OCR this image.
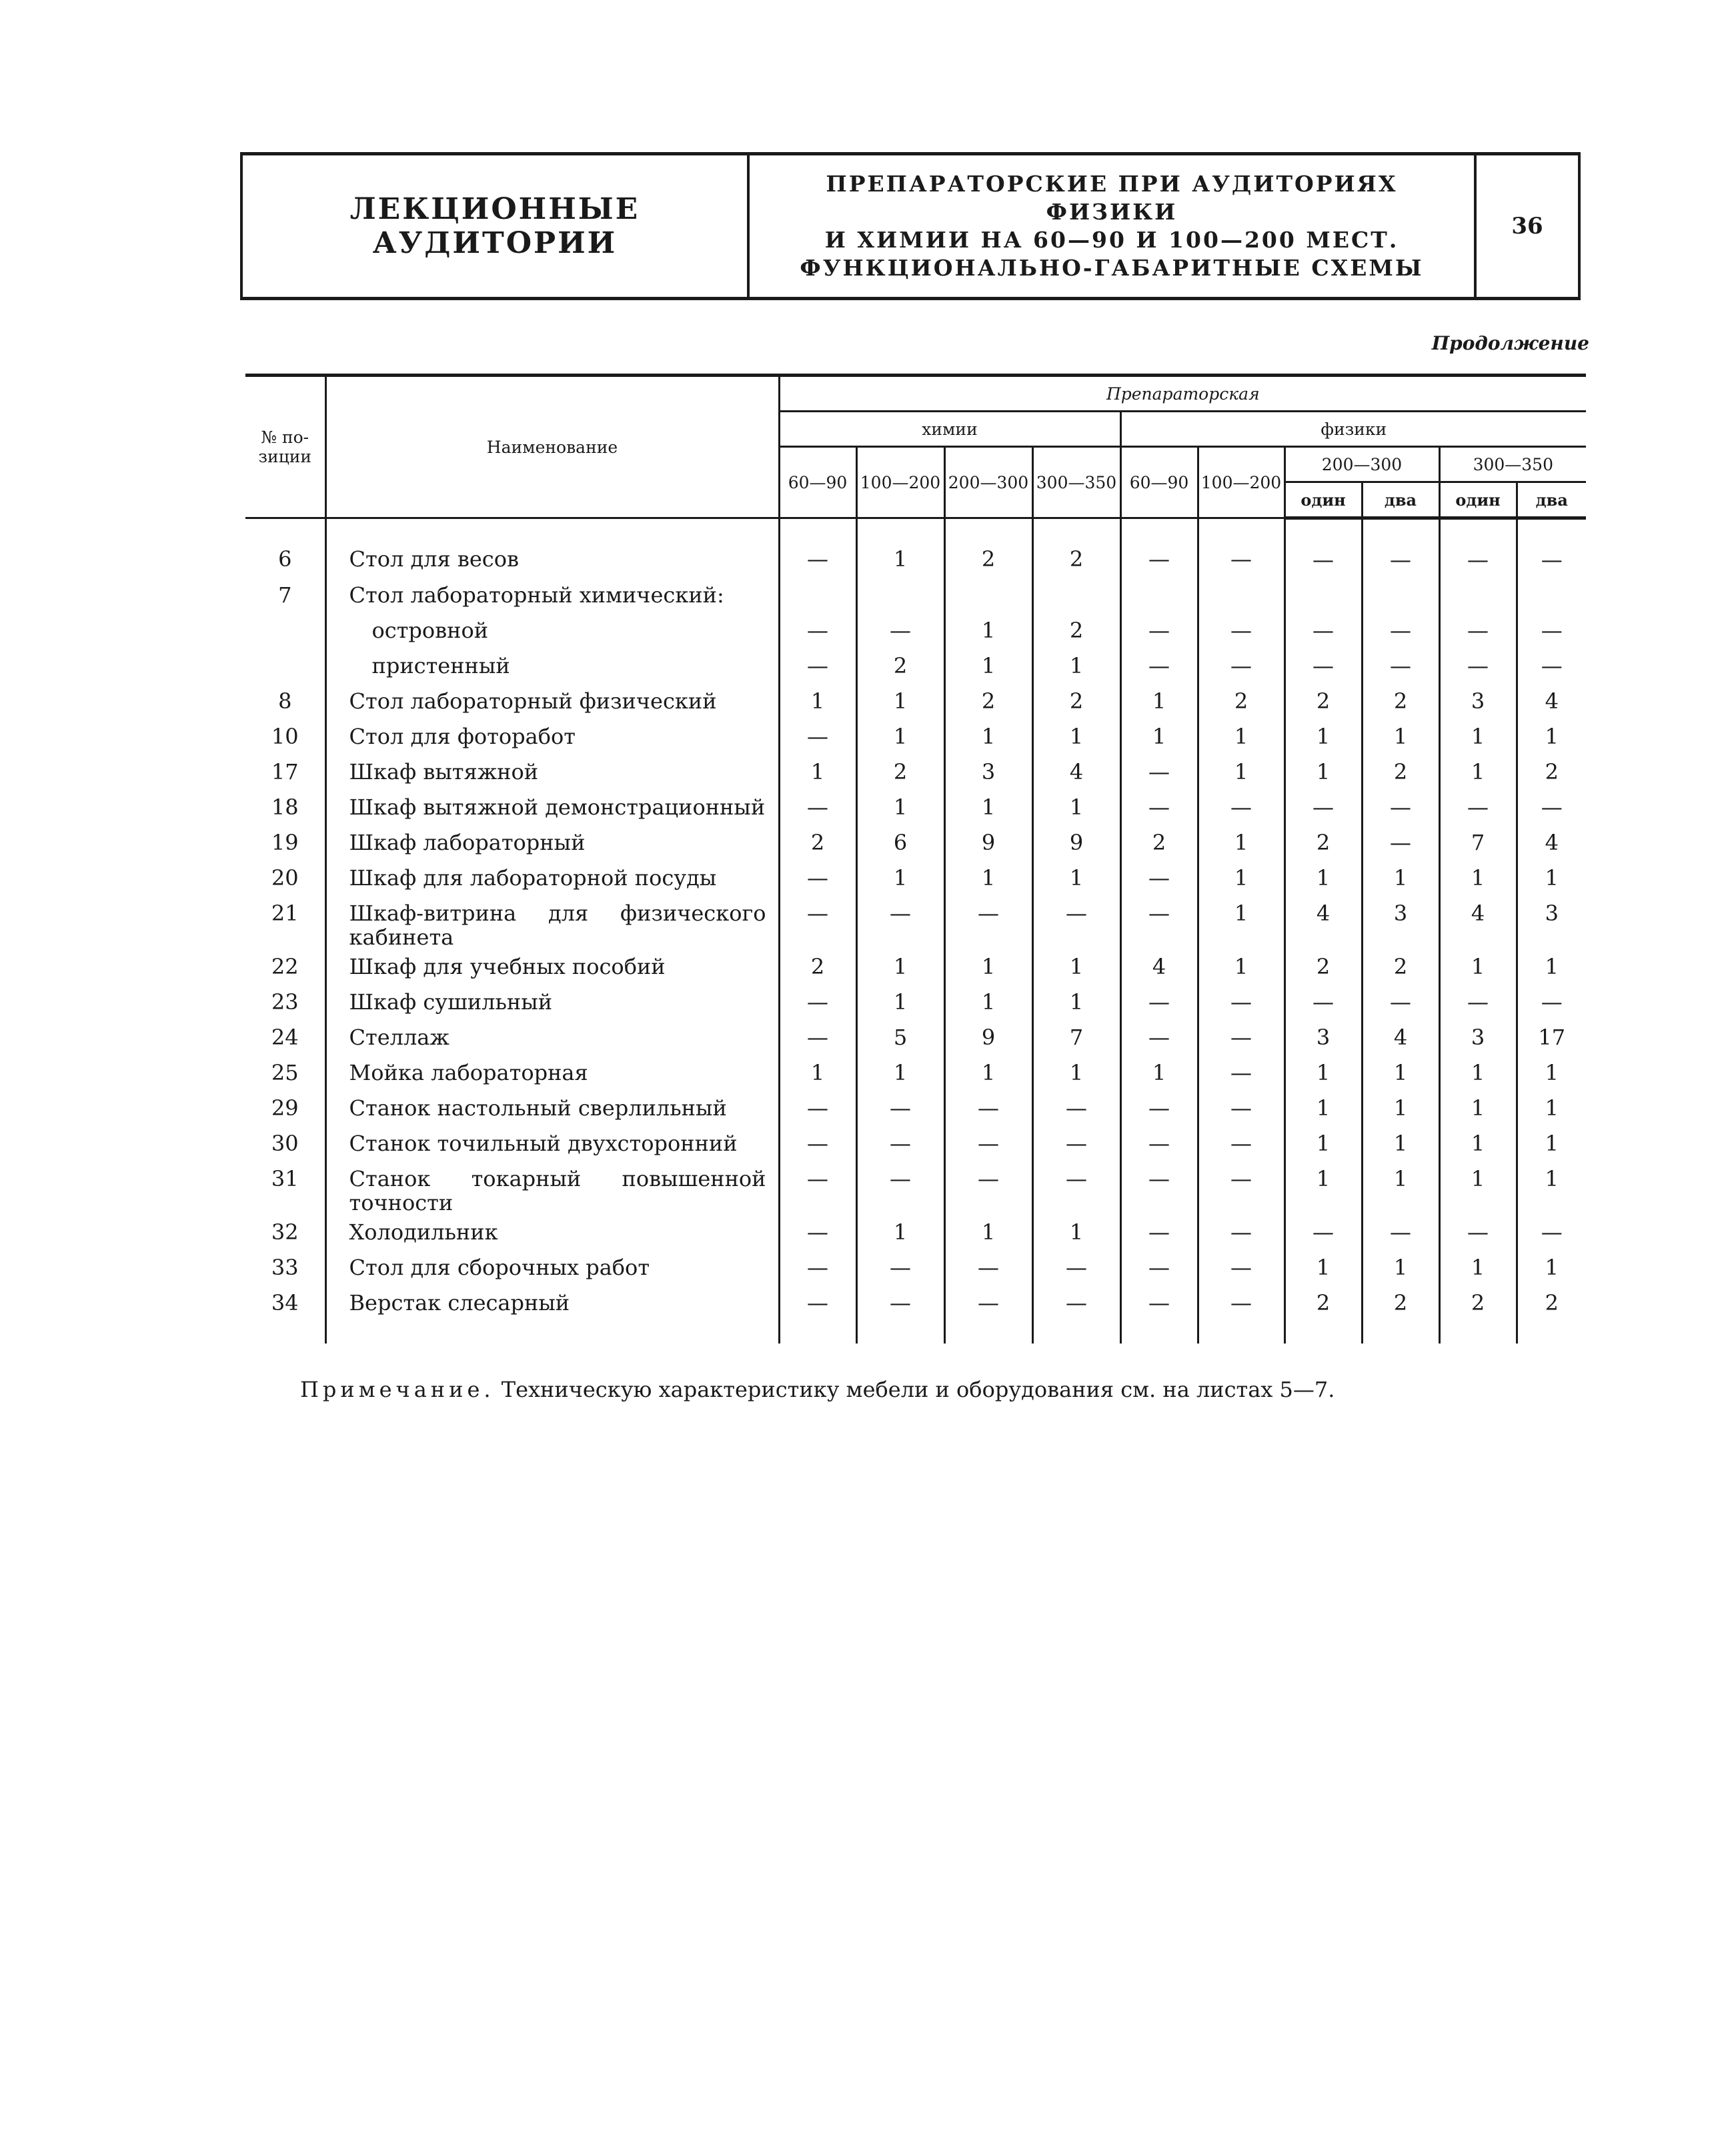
ЛЕКЦИОННЫЕ АУДИТОРИИ
ПРЕПАРАТОРСКИЕ ПРИ АУДИТОРИЯХ ФИЗИКИ
И ХИМИИ НА 60—90 И 100—200 МЕСТ.
ФУНКЦИОНАЛЬНО-ГАБАРИТНЫЕ СХЕМЫ
36
Продолжение
№ по-
зиции	Наименование	Препараторская									
		химии				физики					
		60—90	100—200	200—300	300—350	60—90	100—200	200—300		300—350	
								один	два	один	два
6	Стол для весов	—	1	2	2	—	—	—	—	—	—
7	Стол лабораторный химический:										
	островной	—	—	1	2	—	—	—	—	—	—
	пристенный	—	2	1	1	—	—	—	—	—	—
8	Стол лабораторный физический	1	1	2	2	1	2	2	2	3	4
10	Стол для фоторабот	—	1	1	1	1	1	1	1	1	1
17	Шкаф вытяжной	1	2	3	4	—	1	1	2	1	2
18	Шкаф вытяжной демонстрационный	—	1	1	1	—	—	—	—	—	—
19	Шкаф лабораторный	2	6	9	9	2	1	2	—	7	4
20	Шкаф для лабораторной посуды	—	1	1	1	—	1	1	1	1	1
21	Шкаф-витрина для физического кабинета	—	—	—	—	—	1	4	3	4	3
22	Шкаф для учебных пособий	2	1	1	1	4	1	2	2	1	1
23	Шкаф сушильный	—	1	1	1	—	—	—	—	—	—
24	Стеллаж	—	5	9	7	—	—	3	4	3	17
25	Мойка лабораторная	1	1	1	1	1	—	1	1	1	1
29	Станок настольный сверлильный	—	—	—	—	—	—	1	1	1	1
30	Станок точильный двухсторонний	—	—	—	—	—	—	1	1	1	1
31	Станок токарный повышенной точности	—	—	—	—	—	—	1	1	1	1
32	Холодильник	—	1	1	1	—	—	—	—	—	—
33	Стол для сборочных работ	—	—	—	—	—	—	1	1	1	1
34	Верстак слесарный	—	—	—	—	—	—	2	2	2	2
Примечание. Техническую характеристику мебели и оборудования см. на листах 5—7.
